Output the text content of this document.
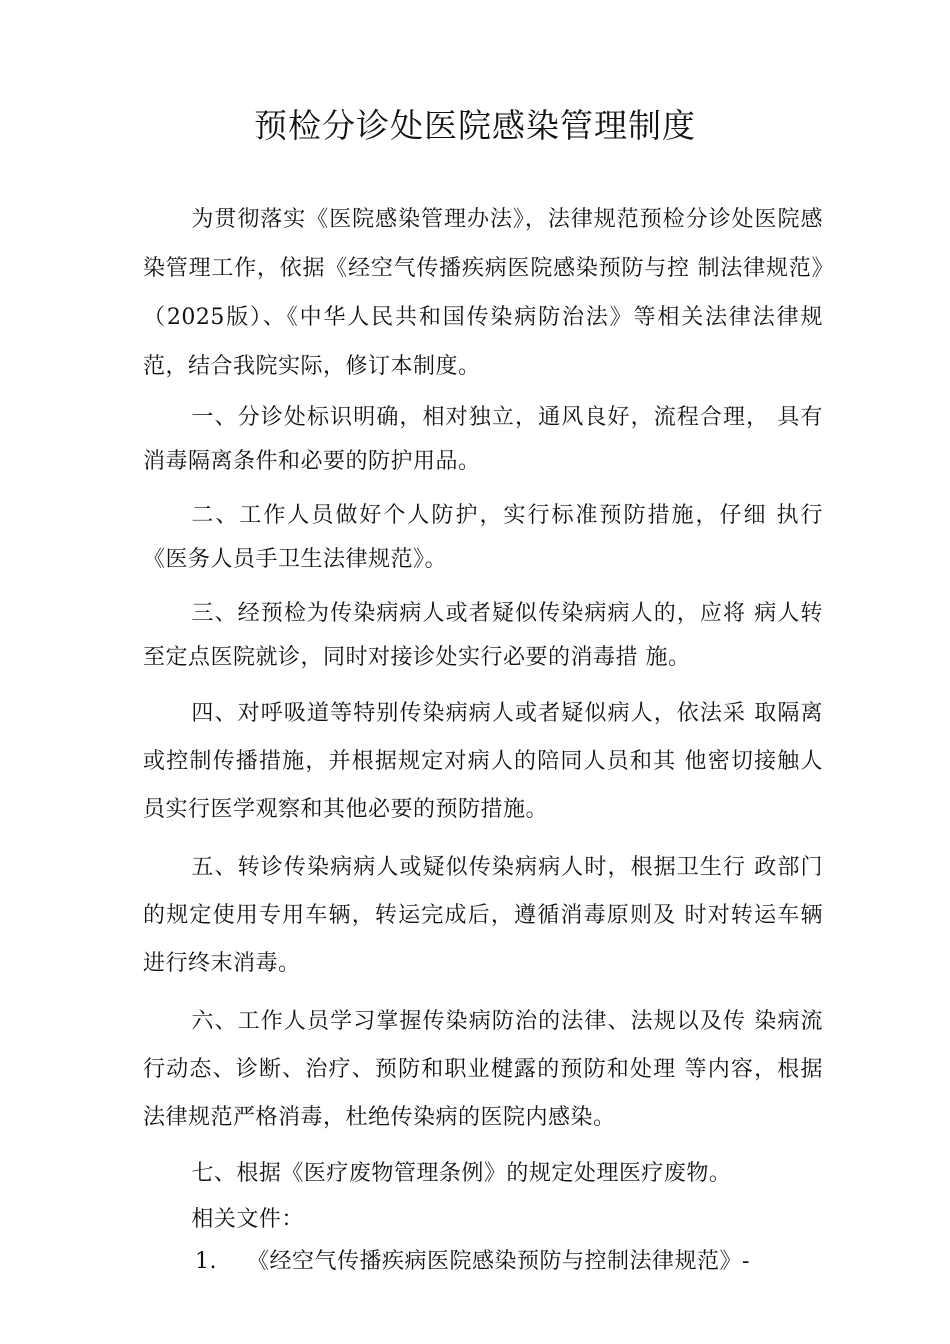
预检分诊处医院感染管理制度

为贯彻落实《医院感染管理办法》，法律规范预检分诊处医院感染管理工作，依据《经空气传播疾病医院感染预防与控 制法律规范》（2025版）、《中华人民共和国传染病防治法》等相关法律法律规范，结合我院实际，修订本制度。

一、分诊处标识明确，相对独立，通风良好，流程合理， 具有消毒隔离条件和必要的防护用品。

二、工作人员做好个人防护，实行标准预防措施，仔细 执行《医务人员手卫生法律规范》。

三、经预检为传染病病人或者疑似传染病病人的，应将 病人转至定点医院就诊，同时对接诊处实行必要的消毒措 施。

四、对呼吸道等特别传染病病人或者疑似病人，依法采 取隔离或控制传播措施，并根据规定对病人的陪同人员和其 他密切接触人员实行医学观察和其他必要的预防措施。

五、转诊传染病病人或疑似传染病病人时，根据卫生行 政部门的规定使用专用车辆，转运完成后，遵循消毒原则及 时对转运车辆进行终末消毒。

六、工作人员学习掌握传染病防治的法律、法规以及传 染病流行动态、诊断、治疗、预防和职业楗露的预防和处理 等内容，根据法律规范严格消毒，杜绝传染病的医院内感染。

七、根据《医疗废物管理条例》的规定处理医疗废物。

相关文件：

1. 《经空气传播疾病医院感染预防与控制法律规范》-
